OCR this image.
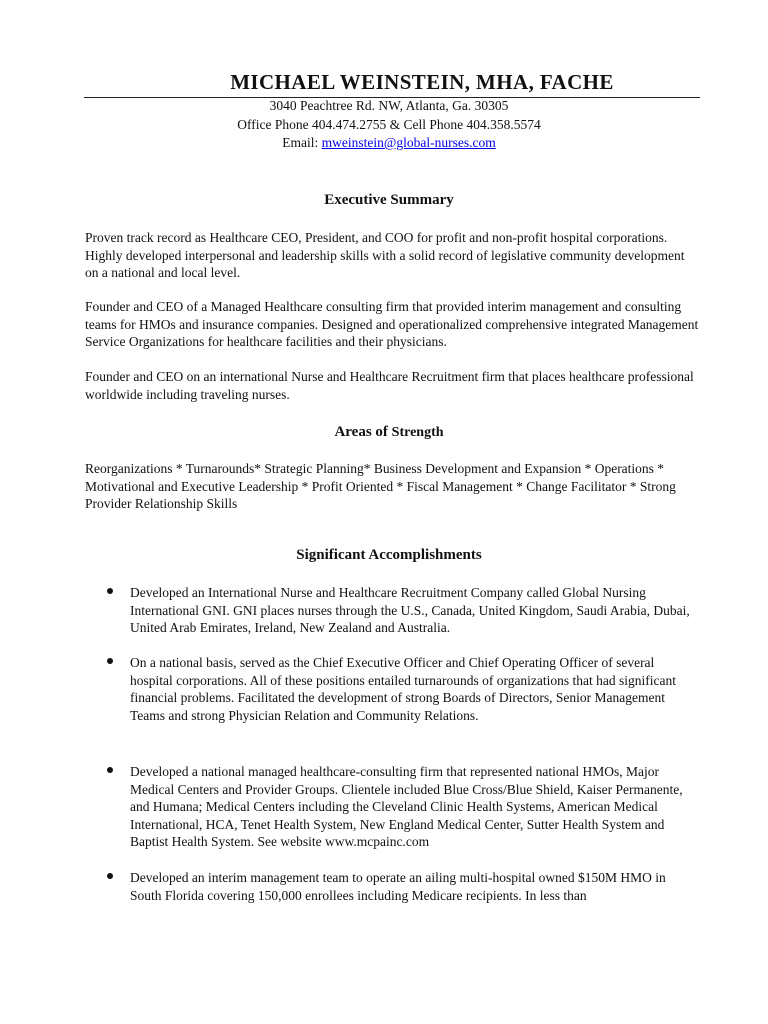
MICHAEL WEINSTEIN, MHA, FACHE
3040 Peachtree Rd. NW, Atlanta, Ga. 30305
Office Phone 404.474.2755 & Cell Phone 404.358.5574
Email: mweinstein@global-nurses.com
Executive Summary

Proven track record as Healthcare CEO, President, and COO for profit and non-profit hospital corporations. Highly developed interpersonal and leadership skills with a solid record of legislative community development on a national and local level.

Founder and CEO of a Managed Healthcare consulting firm that provided interim management and consulting teams for HMOs and insurance companies. Designed and operationalized comprehensive integrated Management Service Organizations for healthcare facilities and their physicians.

Founder and CEO on an international Nurse and Healthcare Recruitment firm that places healthcare professional worldwide including traveling nurses.

Areas of Strength

Reorganizations * Turnarounds* Strategic Planning* Business Development and Expansion * Operations * Motivational and Executive Leadership * Profit Oriented * Fiscal Management * Change Facilitator * Strong Provider Relationship Skills

Significant Accomplishments

Developed an International Nurse and Healthcare Recruitment Company called Global Nursing International GNI. GNI places nurses through the U.S., Canada, United Kingdom, Saudi Arabia, Dubai, United Arab Emirates, Ireland, New Zealand and Australia.

On a national basis, served as the Chief Executive Officer and Chief Operating Officer of several hospital corporations. All of these positions entailed turnarounds of organizations that had significant financial problems. Facilitated the development of strong Boards of Directors, Senior Management Teams and strong Physician Relation and Community Relations.

Developed a national managed healthcare-consulting firm that represented national HMOs, Major Medical Centers and Provider Groups. Clientele included Blue Cross/Blue Shield, Kaiser Permanente, and Humana; Medical Centers including the Cleveland Clinic Health Systems, American Medical International, HCA, Tenet Health System, New England Medical Center, Sutter Health System and Baptist Health System. See website www.mcpainc.com

Developed an interim management team to operate an ailing multi-hospital owned $150M HMO in South Florida covering 150,000 enrollees including Medicare recipients. In less than
